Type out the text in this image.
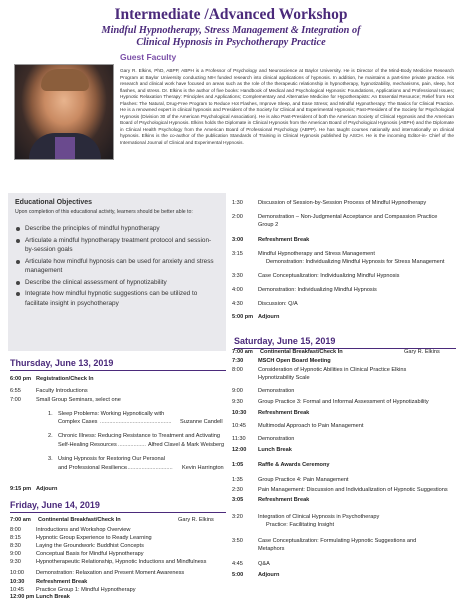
Intermediate /Advanced Workshop
Mindful Hypnotherapy, Stress Management & Integration of
Clinical Hypnosis in Psychotherapy Practice
Guest Faculty
Gary R. Elkins, PhD, ABPP, ABPH is a Professor of Psychology and Neuroscience at Baylor University. He is Director of the Mind-Body Medicine Research Program at Baylor University conducting NIH funded research into clinical applications of hypnosis. In addition, he maintains a part-time private practice. His research and clinical work have focused on areas such as the role of the therapeutic relationship in hypnotherapy, hypnotizability, mechanisms, pain, sleep, hot flashes, and stress. Dr. Elkins is the author of five books: Handbook of Medical and Psychological Hypnosis: Foundations, Applications and Professional Issues; Hypnotic Relaxation Therapy: Principles and Applications; Complementary and Alternative Medicine for Hypotherapists: An Essential Resource; Relief from Hot Flashes: The Natural, Drug-Free Program to Reduce Hot Flashes, Improve Sleep, and Ease Stress; and Mindful Hypnotherapy: The Basics for Clinical Practice. He is a renowned expert in clinical hypnosis and President of the Society for Clinical and Experimental Hypnosis; Past-President of the Society for Psychological Hypnosis (Division 30 of the American Psychological Association). He is also Past-President of both the American Society of Clinical Hypnosis and the American Board of Psychological Hypnosis. Elkins holds the Diplomate in Clinical Hypnosis from the American Board of Psychological Hypnosis (ABPH) and the Diplomate in Clinical Health Psychology from the American Board of Professional Psychology (ABPP). He has taught courses nationally and internationally on clinical hypnosis. Elkins is the co-author of the publication Standards of Training in Clinical Hypnosis published by ASCH. He is the incoming Editor-in- Chief of the International Journal of Clinical and Experimental Hypnosis.
Educational Objectives
Upon completion of this educational activity, learners should be better able to:
Describe the principles of mindful hypnotherapy
Articulate a mindful hypnotherapy treatment protocol and session-by-session goals
Articulate how mindful hypnosis can be used for anxiety and stress management
Describe the clinical assessment of hypnotizability
Integrate how mindful hypnotic suggestions can be utilized to facilitate insight in psychotherapy
1:30	Discussion of Session-by-Session Process of Mindful Hypnotherapy
2:00	Demonstration – Non-Judgmental Acceptance and Compassion Practice
Group 2
3:00	Refreshment Break
3:15	Mindful Hypnotherapy and Stress Management
Demonstration: Individualizing Mindful Hypnosis for Stress Management
3:30	Case Conceptualization: Individualizing Mindful Hypnosis
4:00	Demonstration: Individualizing Mindful Hypnosis
4:30	Discussion: Q/A
5:00 pm Adjourn
Thursday, June 13, 2019
6:00 pm Registration/Check In
6:55	Faculty Introductions
7:00	Small Group Seminars, select one
1. Sleep Problems: Working Hypnotically with
Complex Cases .............................................. Suzanne Candell
2. Chronic Illness: Reducing Resistance to Treatment and Activating
Self-Healing Resources .................. Alfred Clavel & Mark Weisberg
3. Using Hypnosis for Restoring Our Personal
and Professional Resilience
.............................. Kevin Harrington
9:15 pm Adjourn
Friday, June 14, 2019
7:00 am Continental Breakfast/Check In	Gary R. Elkins
8:00	Introductions and Workshop Overview
8:15	Hypnotic Group Experience to Ready Learning
8:30	Laying the Groundwork: Buddhist Concepts
9:00	Conceptual Basis for Mindful Hypnotherapy
9:30	Hypnotherapeutic Relationship, Hypnotic Inductions and Mindfulness
10:00 Demonstration: Relaxation and Present Moment Awareness
10:30 Refreshment Break
10:45 Practice Group 1: Mindful Hypnotherapy
12:00 pm Lunch Break
Saturday, June 15, 2019
7:00 am Continental Breakfast/Check In	Gary R. Elkins
7:30	MSCH Open Board Meeting
8:00	Consideration of Hypnotic Abilities in Clinical Practice Elkins
Hypnotizability Scale
9:00	Demonstration
9:30	Group Practice 3: Formal and Informal Assessment of Hypnotizability
10:30 Refreshment Break
10:45 Multimodal Approach to Pain Management
11:30 Demonstration
12:00 Lunch Break
1:05	Raffle & Awards Ceremony
1:35	Group Practice 4: Pain Management
2:30	Pain Management: Discussion and Individualization of Hypnotic Suggestions
3:05	Refreshment Break
3:20	Integration of Clinical Hypnosis in Psychotherapy
Practice: Facilitating Insight
3:50	Case Conceptualization: Formulating Hypnotic Suggestions and
Metaphors
4:45	Q&A
5:00	Adjourn
